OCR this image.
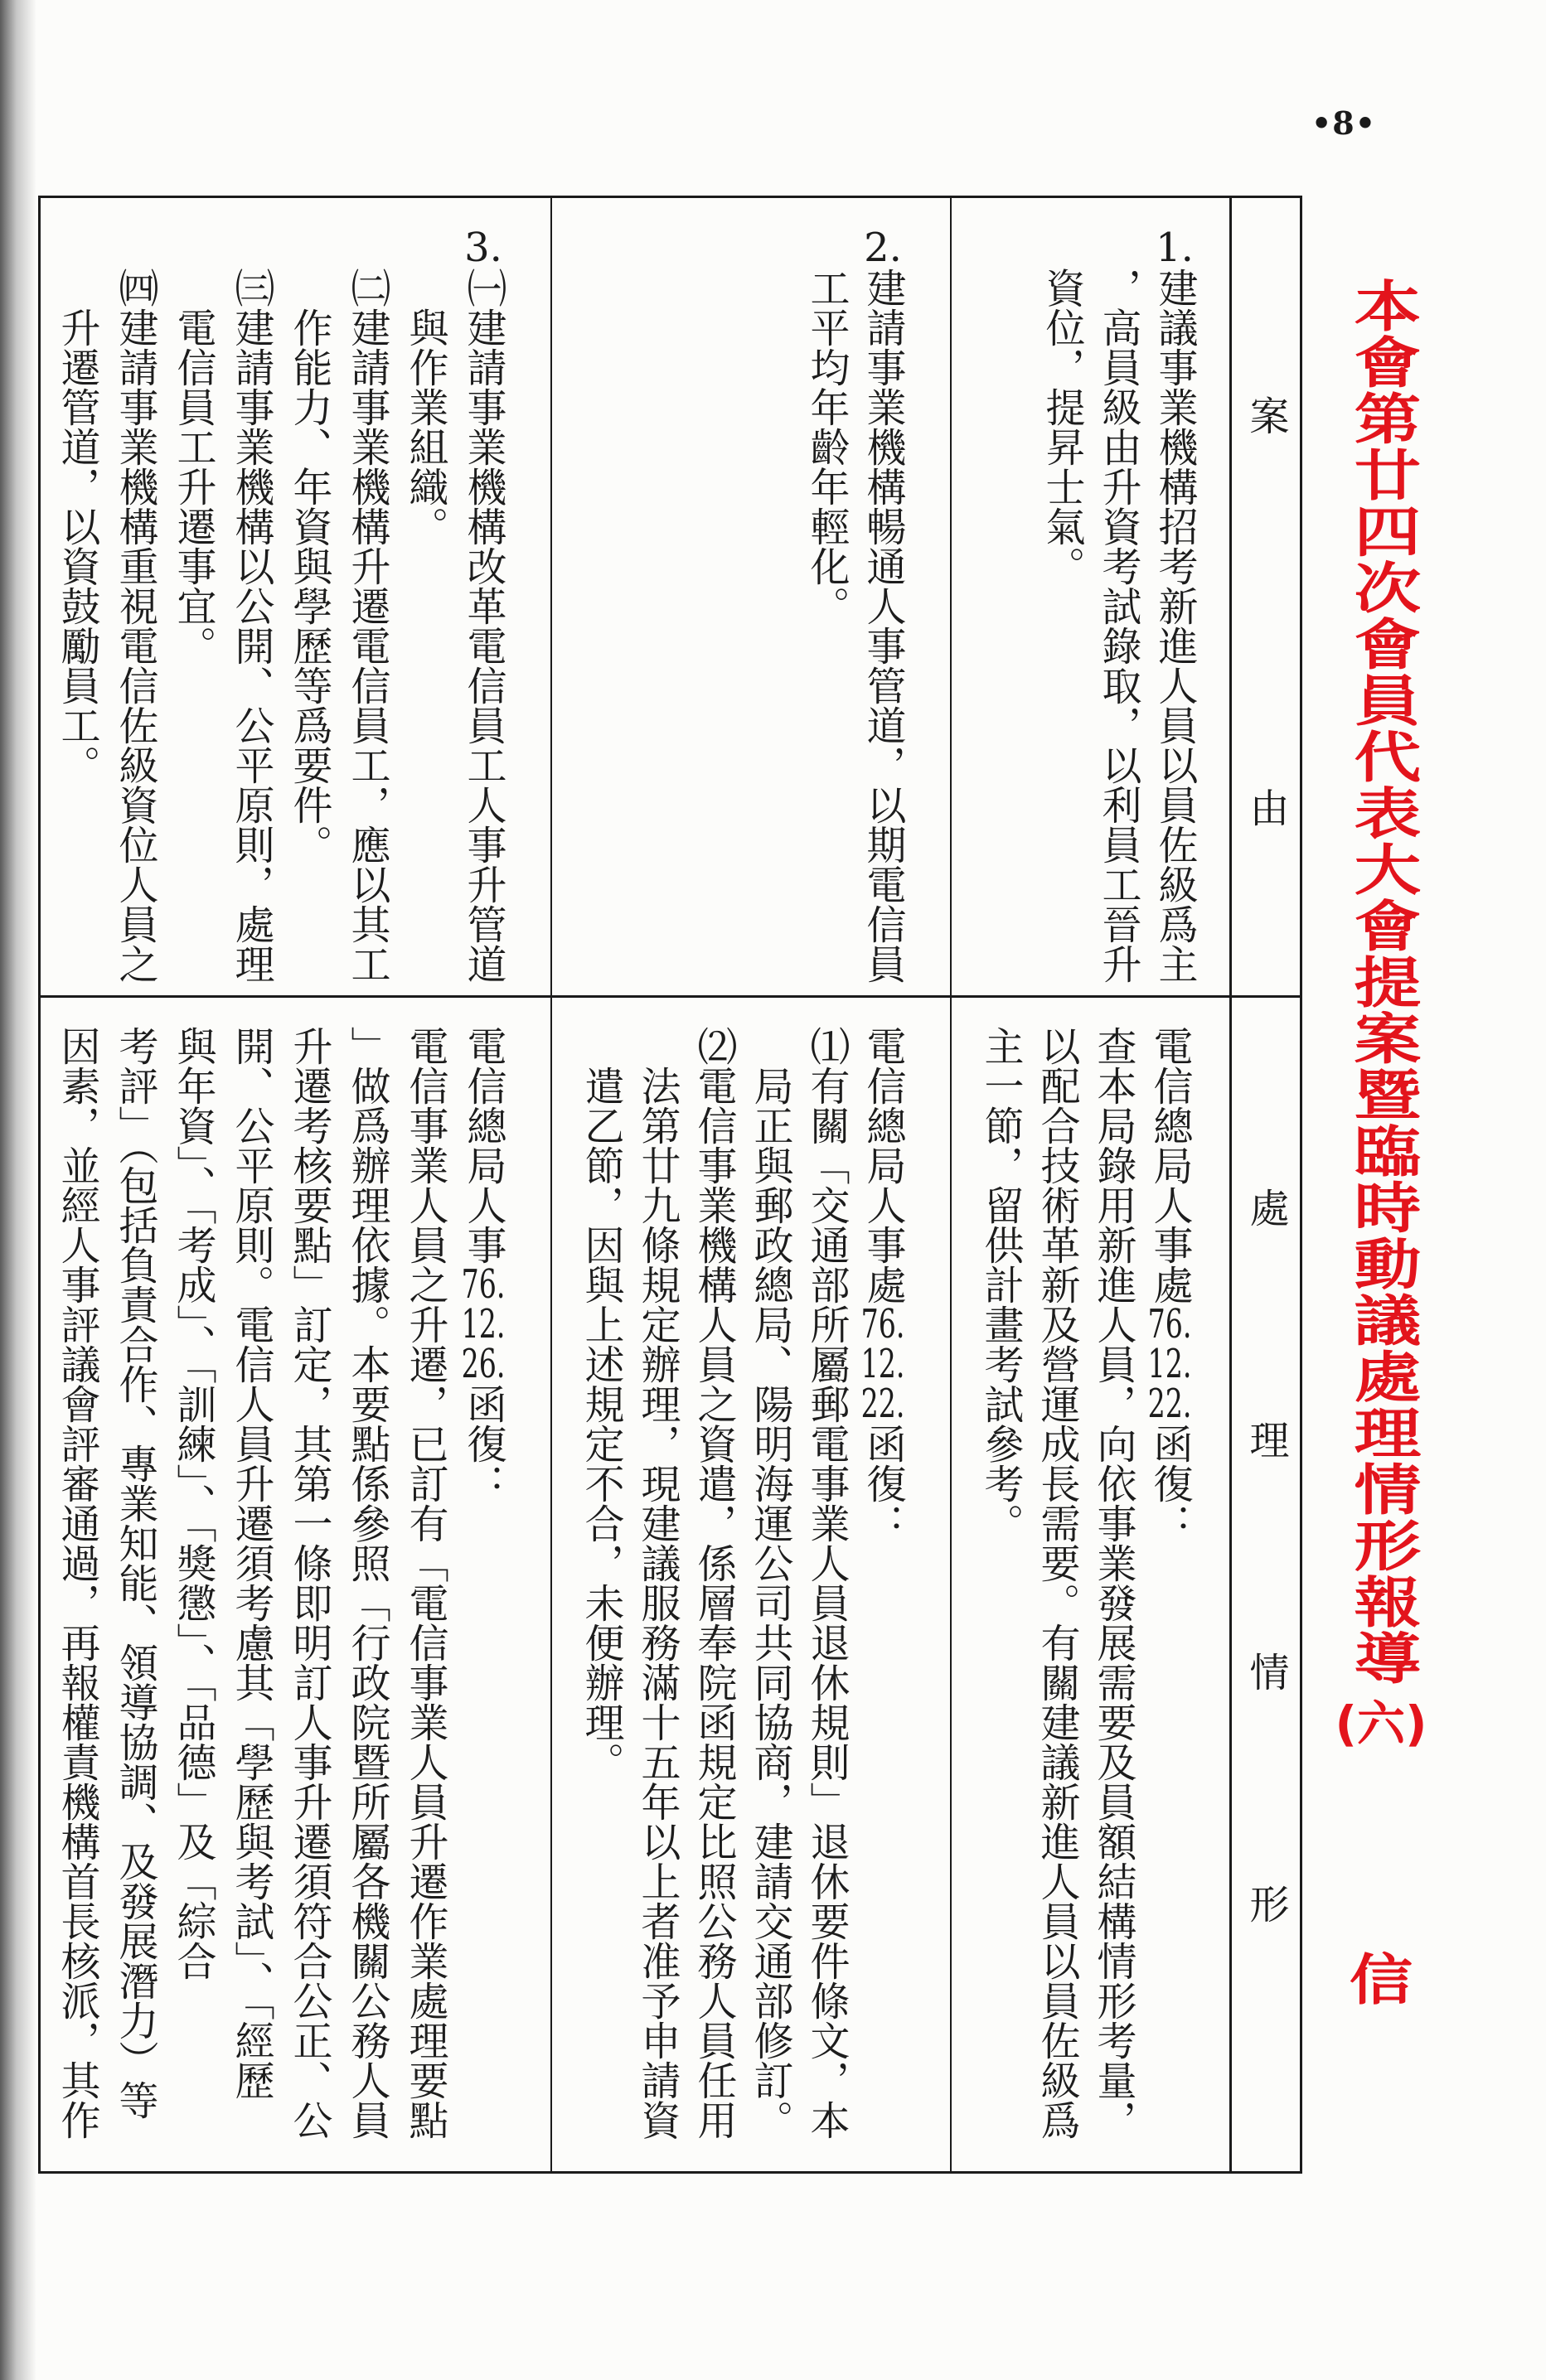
•8•
本會第廿四次會員代表大會提案暨臨時動議處理情形報導
(六)
信
案由
處理情形
1.建議事業機構招考新進人員以員佐級爲主
，高員級由升資考試錄取，以利員工晉升
資位，提昇士氣。
電信總局人事處76.12.22.函復：
查本局錄用新進人員，向依事業發展需要及員額結構情形考量，
以配合技術革新及營運成長需要。有關建議新進人員以員佐級爲
主一節，留供計畫考試參考。
2.建請事業機構暢通人事管道，以期電信員
工平均年齡年輕化。
電信總局人事處76.12.22.函復：
⑴有關「交通部所屬郵電事業人員退休規則」退休要件條文，本
局正與郵政總局、陽明海運公司共同協商，建請交通部修訂。
⑵電信事業機構人員之資遣，係層奉院函規定比照公務人員任用
法第廿九條規定辦理，現建議服務滿十五年以上者准予申請資
遣乙節，因與上述規定不合，未便辦理。
3.㈠建請事業機構改革電信員工人事升管道
與作業組織。
㈡建請事業機構升遷電信員工，應以其工
作能力、年資與學歷等爲要件。
㈢建請事業機構以公開、公平原則，處理
電信員工升遷事宜。
㈣建請事業機構重視電信佐級資位人員之
升遷管道，以資鼓勵員工。
電信總局人事76.12.26.函復：
電信事業人員之升遷，已訂有「電信事業人員升遷作業處理要點
」做爲辦理依據。本要點係參照「行政院暨所屬各機關公務人員
升遷考核要點」訂定，其第一條即明訂人事升遷須符合公正、公
開、公平原則。電信人員升遷須考慮其「學歷與考試」、「經歷
與年資」、「考成」、「訓練」、「獎懲」、「品德」及「綜合
考評」（包括負責合作、專業知能、領導協調、及發展潛力）等
因素，並經人事評議會評審通過，再報權責機構首長核派，其作
